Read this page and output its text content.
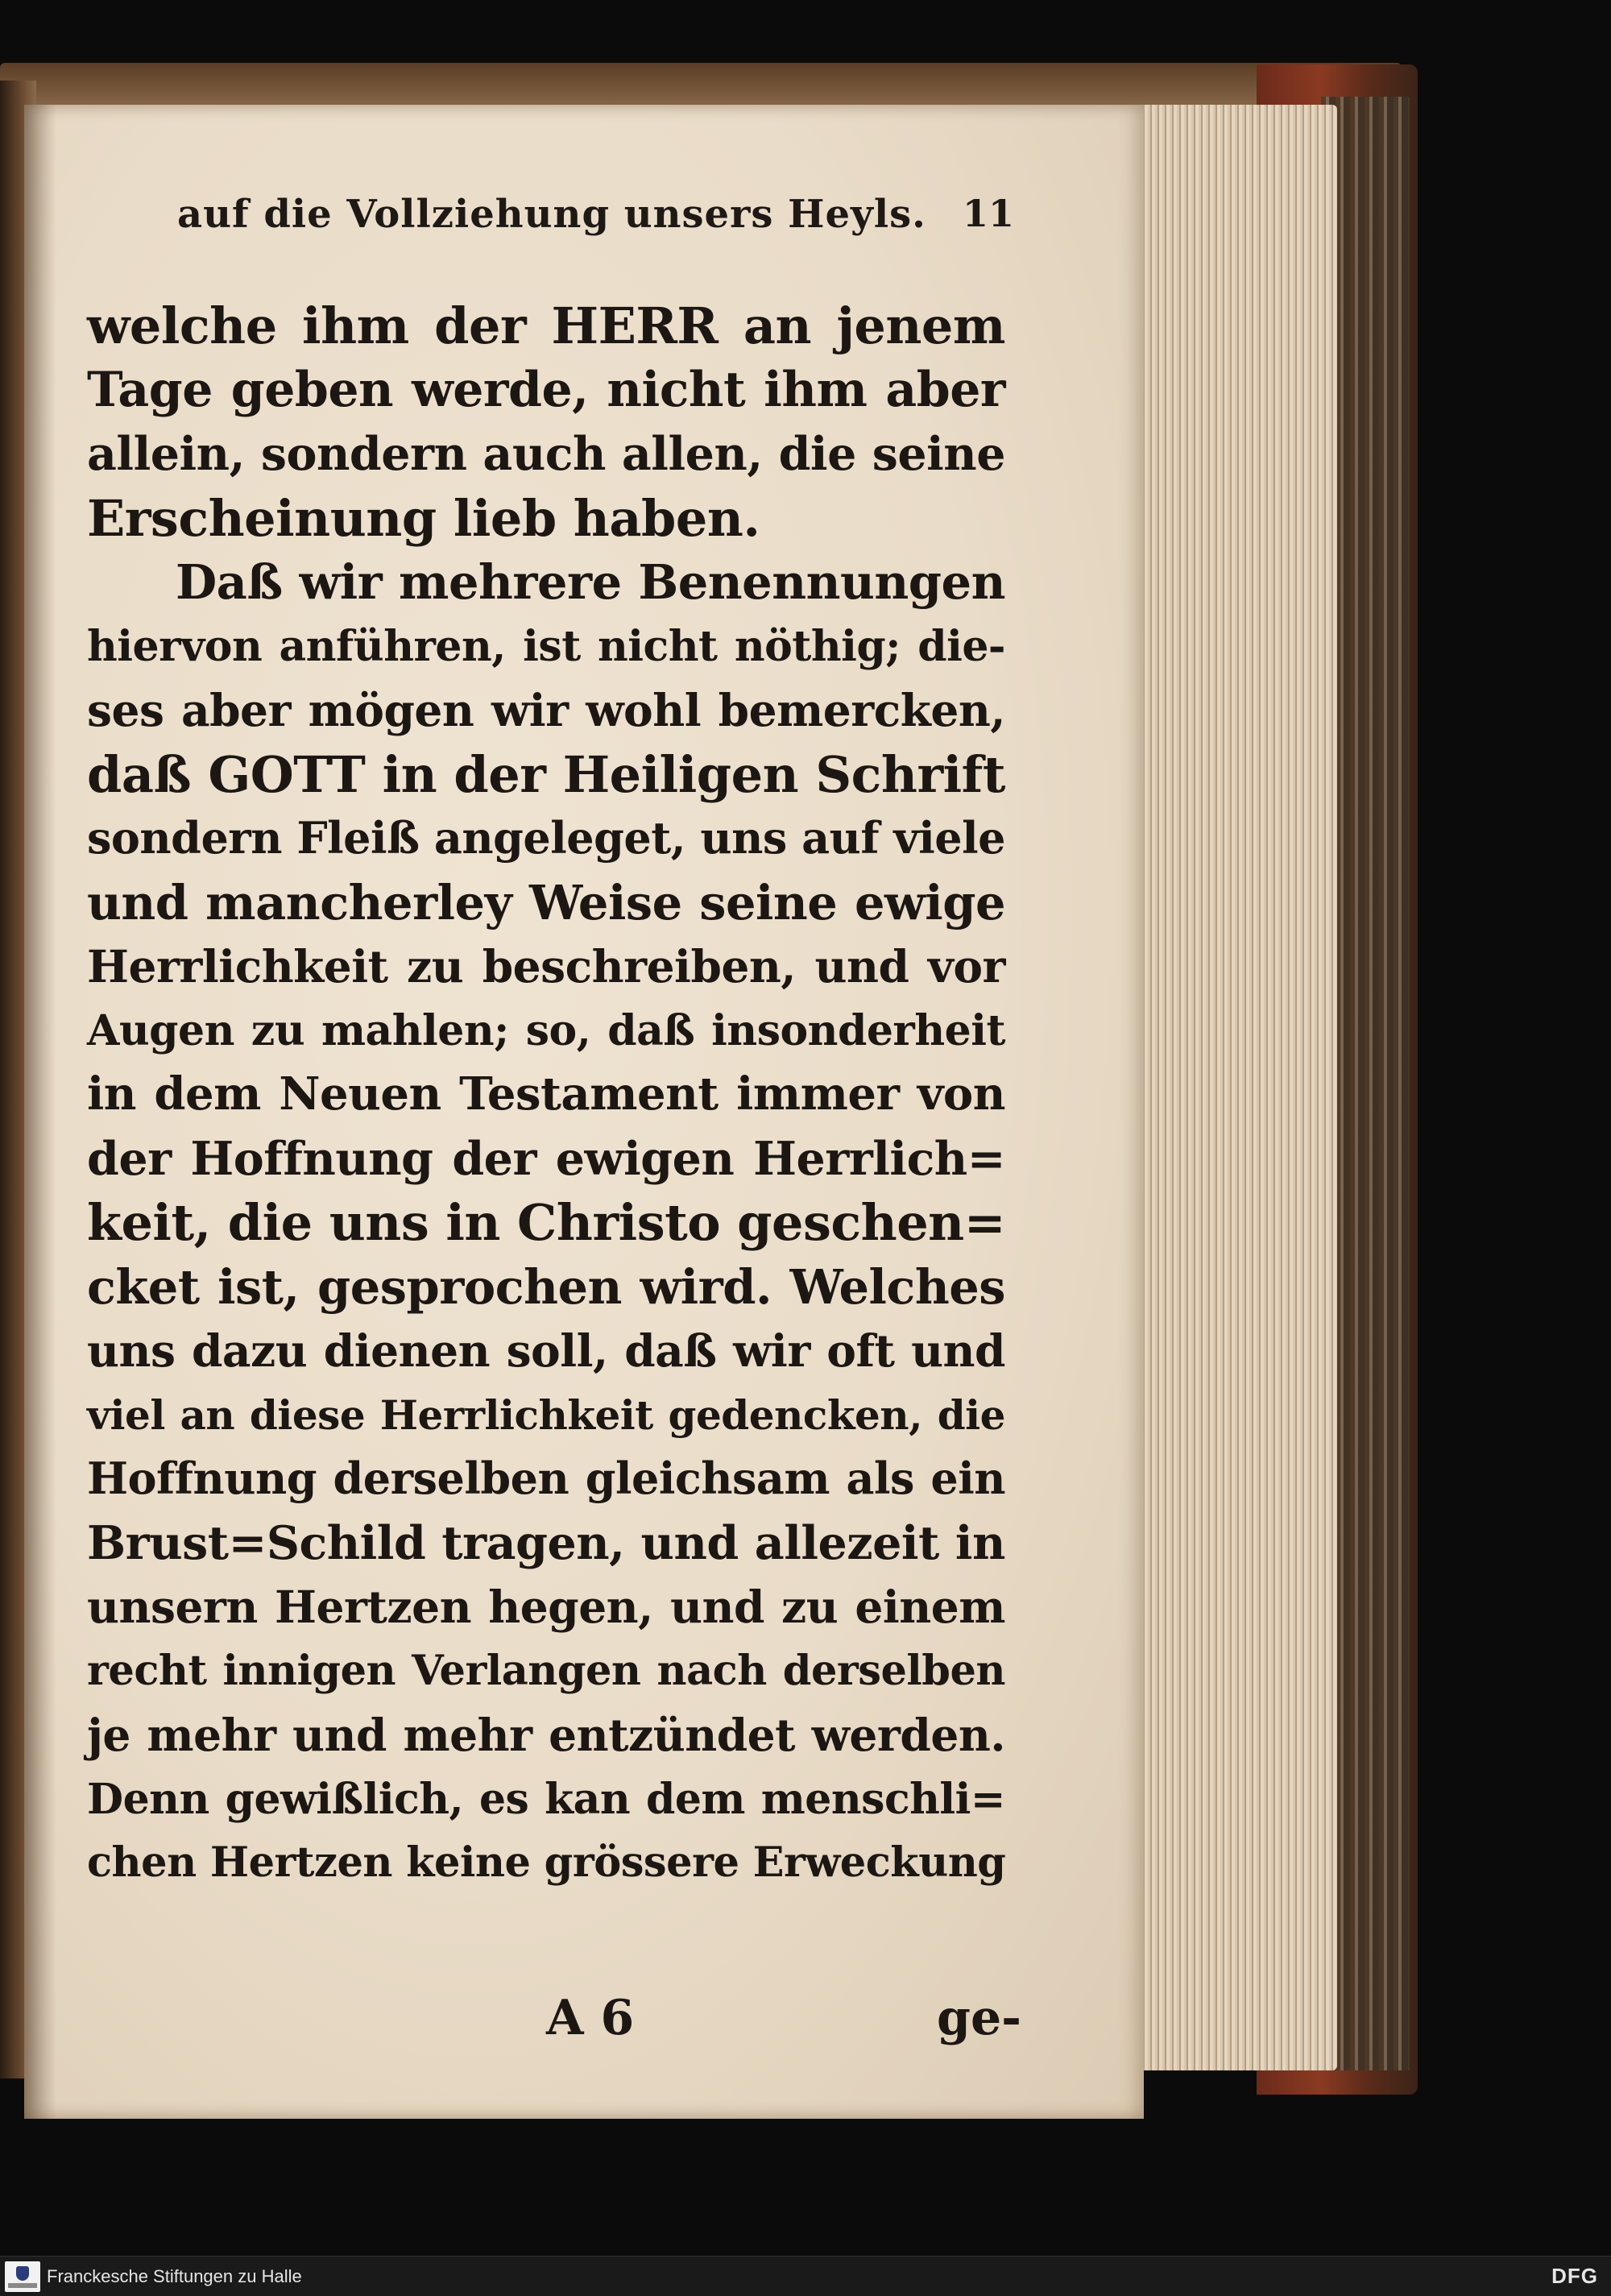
auf die Vollziehung unsers Heyls. 11
welche ihm der HERR an jenem
Tage geben werde, nicht ihm aber
allein, sondern auch allen, die seine
Erscheinung lieb haben.
Daß wir mehrere Benennungen
hiervon anführen, ist nicht nöthig; die-
ses aber mögen wir wohl bemercken,
daß GOTT in der Heiligen Schrift
sondern Fleiß angeleget, uns auf viele
und mancherley Weise seine ewige
Herrlichkeit zu beschreiben, und vor
Augen zu mahlen; so, daß insonderheit
in dem Neuen Testament immer von
der Hoffnung der ewigen Herrlich=
keit, die uns in Christo geschen=
cket ist, gesprochen wird. Welches
uns dazu dienen soll, daß wir oft und
viel an diese Herrlichkeit gedencken, die
Hoffnung derselben gleichsam als ein
Brust=Schild tragen, und allezeit in
unsern Hertzen hegen, und zu einem
recht innigen Verlangen nach derselben
je mehr und mehr entzündet werden.
Denn gewißlich, es kan dem menschli=
chen Hertzen keine grössere Erweckung
A 6	ge-
Franckesche Stiftungen zu Halle	DFG
